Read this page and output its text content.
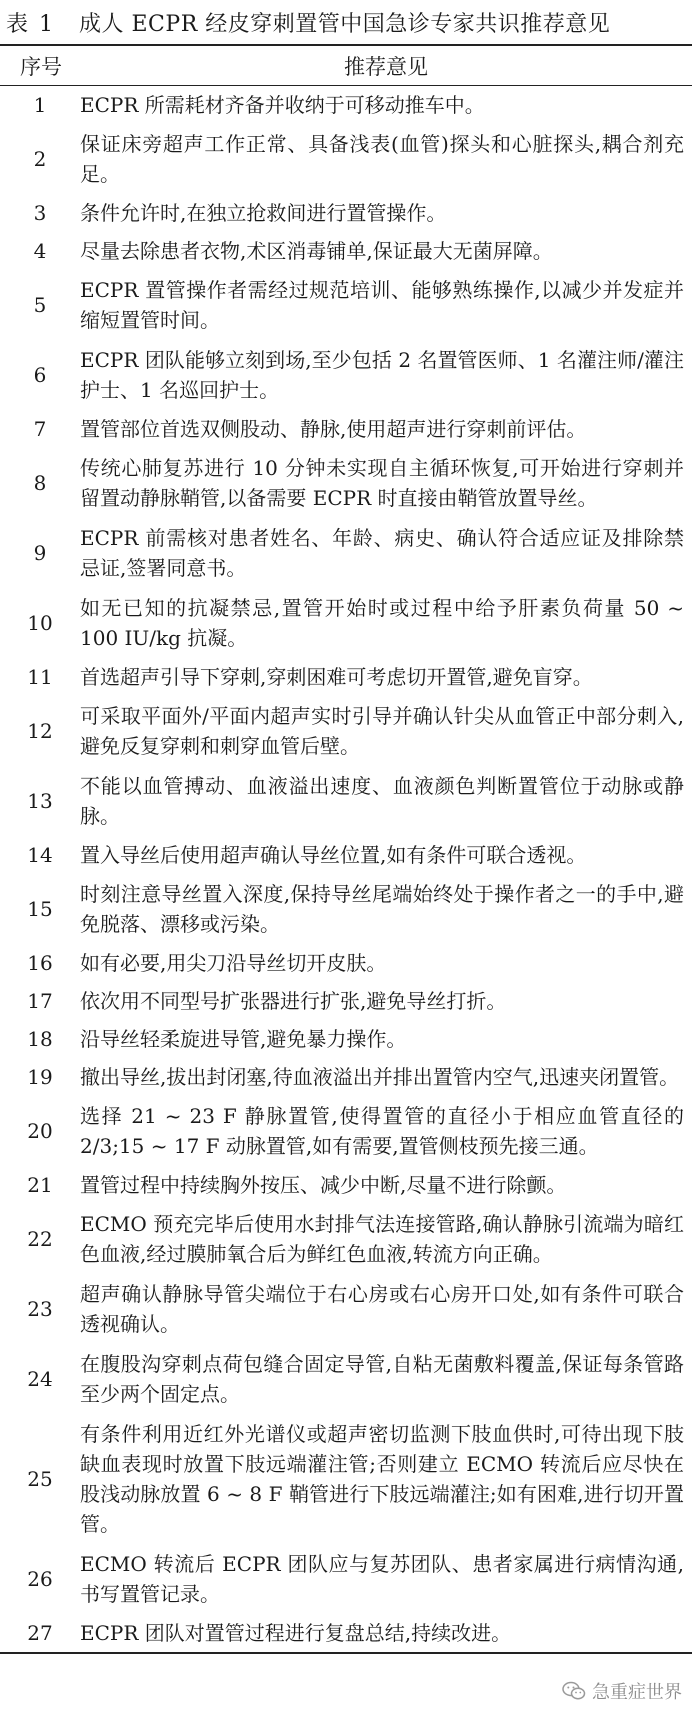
表 1 成人 ECPR 经皮穿刺置管中国急诊专家共识推荐意见
序号	推荐意见
1	ECPR 所需耗材齐备并收纳于可移动推车中。
2	保证床旁超声工作正常、具备浅表(血管)探头和心脏探头,耦合剂充足。
3	条件允许时,在独立抢救间进行置管操作。
4	尽量去除患者衣物,术区消毒铺单,保证最大无菌屏障。
5	ECPR 置管操作者需经过规范培训、能够熟练操作,以减少并发症并缩短置管时间。
6	ECPR 团队能够立刻到场,至少包括 2 名置管医师、1 名灌注师/灌注护士、1 名巡回护士。
7	置管部位首选双侧股动、静脉,使用超声进行穿刺前评估。
8	传统心肺复苏进行 10 分钟未实现自主循环恢复,可开始进行穿刺并留置动静脉鞘管,以备需要 ECPR 时直接由鞘管放置导丝。
9	ECPR 前需核对患者姓名、年龄、病史、确认符合适应证及排除禁忌证,签署同意书。
10	如无已知的抗凝禁忌,置管开始时或过程中给予肝素负荷量 50 ~ 100 IU/kg 抗凝。
11	首选超声引导下穿刺,穿刺困难可考虑切开置管,避免盲穿。
12	可采取平面外/平面内超声实时引导并确认针尖从血管正中部分刺入,避免反复穿刺和刺穿血管后壁。
13	不能以血管搏动、血液溢出速度、血液颜色判断置管位于动脉或静脉。
14	置入导丝后使用超声确认导丝位置,如有条件可联合透视。
15	时刻注意导丝置入深度,保持导丝尾端始终处于操作者之一的手中,避免脱落、漂移或污染。
16	如有必要,用尖刀沿导丝切开皮肤。
17	依次用不同型号扩张器进行扩张,避免导丝打折。
18	沿导丝轻柔旋进导管,避免暴力操作。
19	撤出导丝,拔出封闭塞,待血液溢出并排出置管内空气,迅速夹闭置管。
20	选择 21 ~ 23 F 静脉置管,使得置管的直径小于相应血管直径的 2/3;15 ~ 17 F 动脉置管,如有需要,置管侧枝预先接三通。
21	置管过程中持续胸外按压、减少中断,尽量不进行除颤。
22	ECMO 预充完毕后使用水封排气法连接管路,确认静脉引流端为暗红色血液,经过膜肺氧合后为鲜红色血液,转流方向正确。
23	超声确认静脉导管尖端位于右心房或右心房开口处,如有条件可联合透视确认。
24	在腹股沟穿刺点荷包缝合固定导管,自粘无菌敷料覆盖,保证每条管路至少两个固定点。
25	有条件利用近红外光谱仪或超声密切监测下肢血供时,可待出现下肢缺血表现时放置下肢远端灌注管;否则建立 ECMO 转流后应尽快在股浅动脉放置 6 ~ 8 F 鞘管进行下肢远端灌注;如有困难,进行切开置管。
26	ECMO 转流后 ECPR 团队应与复苏团队、患者家属进行病情沟通,书写置管记录。
27	ECPR 团队对置管过程进行复盘总结,持续改进。
急重症世界
